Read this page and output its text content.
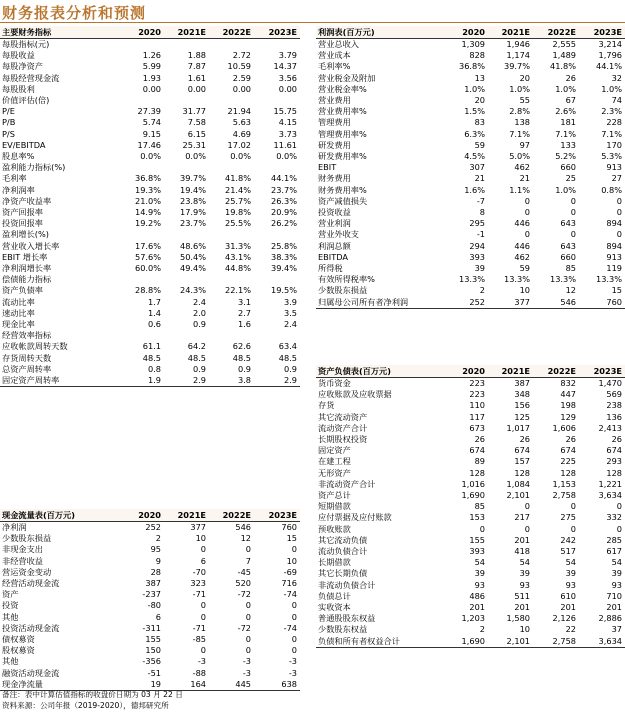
财务报表分析和预测
主要财务指标	2020	2021E	2022E	2023E
每股指标(元)				
每股收益	1.26	1.88	2.72	3.79
每股净资产	5.99	7.87	10.59	14.37
每股经营现金流	1.93	1.61	2.59	3.56
每股股利	0.00	0.00	0.00	0.00
价值评估(倍)				
P/E	27.39	31.77	21.94	15.75
P/B	5.74	7.58	5.63	4.15
P/S	9.15	6.15	4.69	3.73
EV/EBITDA	17.46	25.31	17.02	11.61
股息率%	0.0%	0.0%	0.0%	0.0%
盈利能力指标(%)				
毛利率	36.8%	39.7%	41.8%	44.1%
净利润率	19.3%	19.4%	21.4%	23.7%
净资产收益率	21.0%	23.8%	25.7%	26.3%
资产回报率	14.9%	17.9%	19.8%	20.9%
投资回报率	19.2%	23.7%	25.5%	26.2%
盈利增长(%)				
营业收入增长率	17.6%	48.6%	31.3%	25.8%
EBIT 增长率	57.6%	50.4%	43.1%	38.3%
净利润增长率	60.0%	49.4%	44.8%	39.4%
偿债能力指标				
资产负债率	28.8%	24.3%	22.1%	19.5%
流动比率	1.7	2.4	3.1	3.9
速动比率	1.4	2.0	2.7	3.5
现金比率	0.6	0.9	1.6	2.4
经营效率指标				
应收帐款周转天数	61.1	64.2	62.6	63.4
存货周转天数	48.5	48.5	48.5	48.5
总资产周转率	0.8	0.9	0.9	0.9
固定资产周转率	1.9	2.9	3.8	2.9
利润表(百万元)	2020	2021E	2022E	2023E
营业总收入	1,309	1,946	2,555	3,214
营业成本	828	1,174	1,489	1,796
毛利率%	36.8%	39.7%	41.8%	44.1%
营业税金及附加	13	20	26	32
营业税金率%	1.0%	1.0%	1.0%	1.0%
营业费用	20	55	67	74
营业费用率%	1.5%	2.8%	2.6%	2.3%
管理费用	83	138	181	228
管理费用率%	6.3%	7.1%	7.1%	7.1%
研发费用	59	97	133	170
研发费用率%	4.5%	5.0%	5.2%	5.3%
EBIT	307	462	660	913
财务费用	21	21	25	27
财务费用率%	1.6%	1.1%	1.0%	0.8%
资产减值损失	-7	0	0	0
投资收益	8	0	0	0
营业利润	295	446	643	894
营业外收支	-1	0	0	0
利润总额	294	446	643	894
EBITDA	393	462	660	913
所得税	39	59	85	119
有效所得税率%	13.3%	13.3%	13.3%	13.3%
少数股东损益	2	10	12	15
归属母公司所有者净利润	252	377	546	760
资产负债表(百万元)	2020	2021E	2022E	2023E
货币资金	223	387	832	1,470
应收账款及应收票据	223	348	447	569
存货	110	156	198	238
其它流动资产	117	125	129	136
流动资产合计	673	1,017	1,606	2,413
长期股权投资	26	26	26	26
固定资产	674	674	674	674
在建工程	89	157	225	293
无形资产	128	128	128	128
非流动资产合计	1,016	1,084	1,153	1,221
资产总计	1,690	2,101	2,758	3,634
短期借款	85	0	0	0
应付票据及应付账款	153	217	275	332
预收账款	0	0	0	0
其它流动负债	155	201	242	285
流动负债合计	393	418	517	617
长期借款	54	54	54	54
其它长期负债	39	39	39	39
非流动负债合计	93	93	93	93
负债总计	486	511	610	710
实收资本	201	201	201	201
普通股股东权益	1,203	1,580	2,126	2,886
少数股东权益	2	10	22	37
负债和所有者权益合计	1,690	2,101	2,758	3,634
现金流量表(百万元)	2020	2021E	2022E	2023E
净利润	252	377	546	760
少数股东损益	2	10	12	15
非现金支出	95	0	0	0
非经营收益	9	6	7	10
营运资金变动	28	-70	-45	-69
经营活动现金流	387	323	520	716
资产	-237	-71	-72	-74
投资	-80	0	0	0
其他	6	0	0	0
投资活动现金流	-311	-71	-72	-74
债权募资	155	-85	0	0
股权募资	150	0	0	0
其他	-356	-3	-3	-3
融资活动现金流	-51	-88	-3	-3
现金净流量	19	164	445	638
备注：表中计算估值指标的收盘价日期为 03 月 22 日
资料来源：公司年报（2019-2020），德邦研究所
